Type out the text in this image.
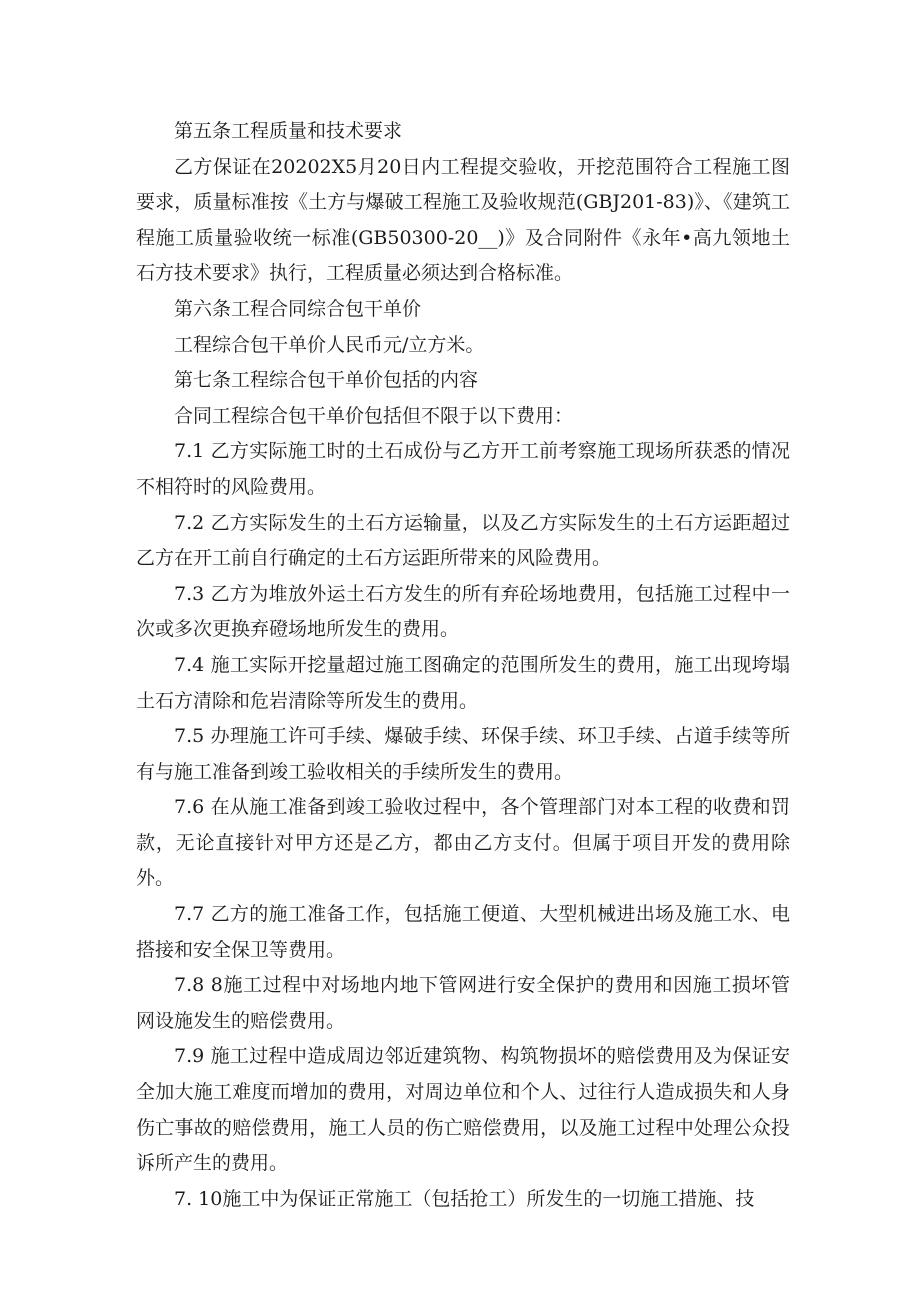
第五条工程质量和技术要求

乙方保证在20202X5月20日内工程提交验收，开挖范围符合工程施工图要求，质量标准按《土方与爆破工程施工及验收规范(GBJ201-83)》、《建筑工程施工质量验收统一标准(GB50300-20__)》及合同附件《永年•高九领地土石方技术要求》执行，工程质量必须达到合格标准。

第六条工程合同综合包干单价

工程综合包干单价人民币元/立方米。

第七条工程综合包干单价包括的内容

合同工程综合包干单价包括但不限于以下费用：

7.1 乙方实际施工时的土石成份与乙方开工前考察施工现场所获悉的情况不相符时的风险费用。

7.2 乙方实际发生的土石方运输量，以及乙方实际发生的土石方运距超过乙方在开工前自行确定的土石方运距所带来的风险费用。

7.3 乙方为堆放外运土石方发生的所有弃砼场地费用，包括施工过程中一次或多次更换弃磴场地所发生的费用。

7.4 施工实际开挖量超过施工图确定的范围所发生的费用，施工出现垮塌土石方清除和危岩清除等所发生的费用。

7.5 办理施工许可手续、爆破手续、环保手续、环卫手续、占道手续等所有与施工准备到竣工验收相关的手续所发生的费用。

7.6 在从施工准备到竣工验收过程中，各个管理部门对本工程的收费和罚款，无论直接针对甲方还是乙方，都由乙方支付。但属于项目开发的费用除外。

7.7 乙方的施工准备工作，包括施工便道、大型机械进出场及施工水、电搭接和安全保卫等费用。

7.8 8施工过程中对场地内地下管网进行安全保护的费用和因施工损坏管网设施发生的赔偿费用。

7.9 施工过程中造成周边邻近建筑物、构筑物损坏的赔偿费用及为保证安全加大施工难度而增加的费用，对周边单位和个人、过往行人造成损失和人身伤亡事故的赔偿费用，施工人员的伤亡赔偿费用，以及施工过程中处理公众投诉所产生的费用。

7. 10施工中为保证正常施工（包括抢工）所发生的一切施工措施、技
